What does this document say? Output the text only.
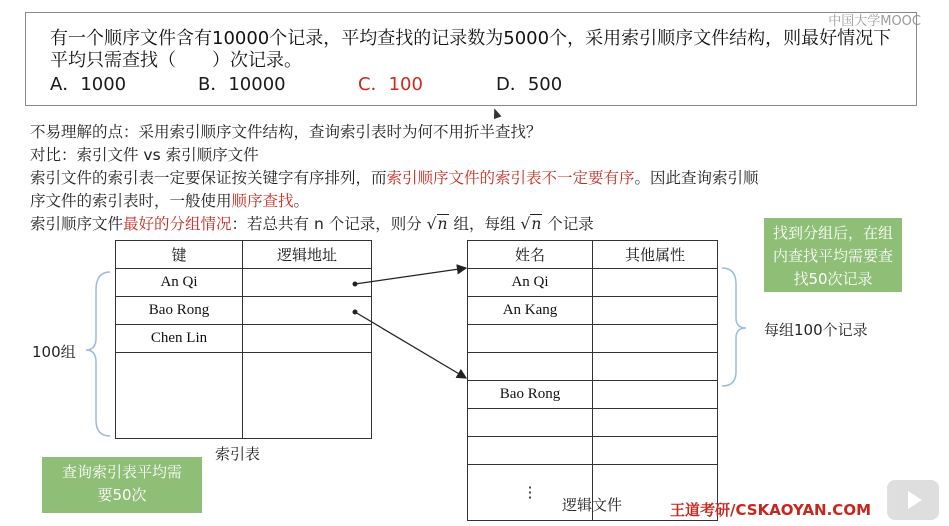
中国大学MOOC
有一个顺序文件含有10000个记录，平均查找的记录数为5000个，采用索引顺序文件结构，则最好情况下
平均只需查找（　　）次记录。
A．1000	B．10000	C．100	D．500
不易理解的点：采用索引顺序文件结构，查询索引表时为何不用折半查找？
对比：索引文件 vs 索引顺序文件
索引文件的索引表一定要保证按关键字有序排列，而索引顺序文件的索引表不一定要有序。因此查询索引顺
序文件的索引表时，一般使用顺序查找。
索引顺序文件最好的分组情况：若总共有 n 个记录，则分 √n 组，每组 √n 个记录
键	逻辑地址
An Qi	
Bao Rong	
Chen Lin	

索引表
姓名	其他属性
An Qi	
An Kang	

Bao Rong	

⋮	
逻辑文件
100组
每组100个记录
查询索引表平均需
要50次
找到分组后，在组
内查找平均需要查
找50次记录
王道考研/CSKAOYAN.COM
